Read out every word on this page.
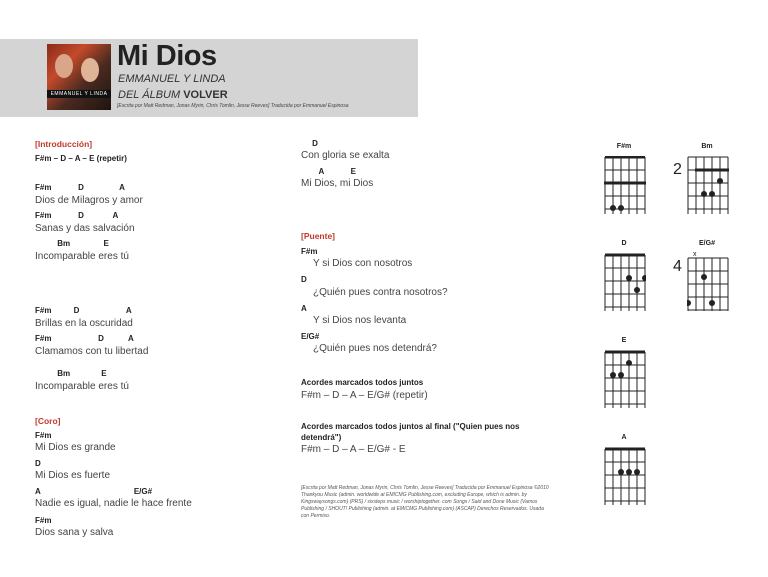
EMMANUEL Y LINDA
Mi Dios
EMMANUEL Y LINDA
DEL ÁLBUM VOLVER
[Escrita por Matt Redman, Jonas Myrin, Chris Tomlin, Jesse Reeves] Traducida por Emmanuel Espinosa
[Introducción]
F#m – D – A – E (repetir)
F#m            D                A
Dios de Milagros y amor
F#m            D             A
Sanas y das salvación
Bm               E
Incomparable eres tú
F#m          D                     A
Brillas en la oscuridad
F#m                     D           A
Clamamos con tu libertad
Bm              E
Incomparable eres tú
[Coro]
F#m
Mi Dios es grande
D
Mi Dios es fuerte
A                                          E/G#
Nadie es igual, nadie le hace frente
F#m
Dios sana y salva
D
Con gloria se exalta
A            E
Mi Dios, mi Dios
[Puente]
F#m
Y si Dios con nosotros
D
¿Quién pues contra nosotros?
A
Y si Dios nos levanta
E/G#
¿Quién pues nos detendrá?
Acordes marcados todos juntos
F#m – D – A – E/G# (repetir)
Acordes marcados todos juntos al final ("Quien pues nos detendrá")
F#m – D – A – E/G# - E
[Escrita por Matt Redman, Jonas Myrin, Chris Tomlin, Jesse Reeves] Traducida por Emmanuel Espinosa ©2010 Thankyou Music (admin. worldwide at EMICMG Publishing.com, excluding Europe, which is admin. by Kingswaysongs.com) (PRS) / sixsteps music / worshiptogether. com Songs / Said and Done Music (Vamos Publishing / SHOUT! Publishing (admin. at EMICMG Publishing.com) (ASCAP) Derechos Reservados. Usada con Permiso.
F#m	Bm
D	E/G#
E
A
2
4
x
